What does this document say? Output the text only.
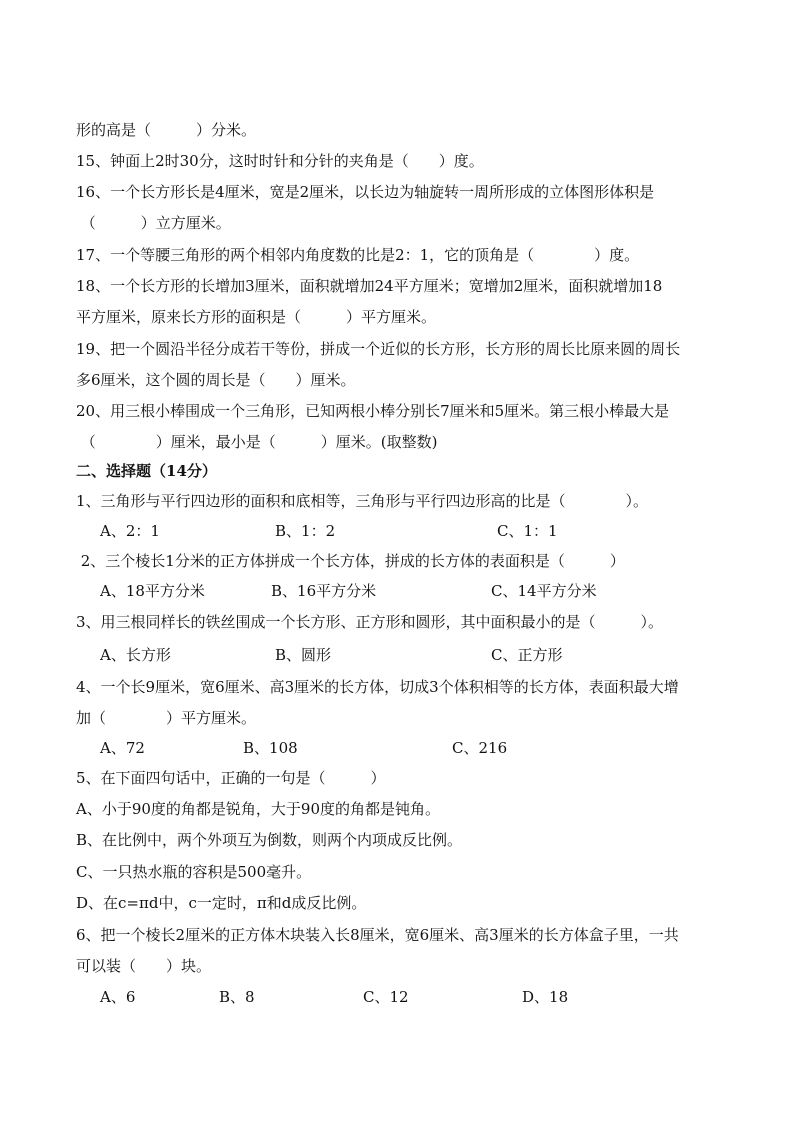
形的高是（　　　）分米。
15、钟面上2时30分，这时时针和分针的夹角是（　　）度。
16、一个长方形长是4厘米，宽是2厘米，以长边为轴旋转一周所形成的立体图形体积是
（　　　）立方厘米。
17、一个等腰三角形的两个相邻内角度数的比是2：1，它的顶角是（　　　　）度。
18、一个长方形的长增加3厘米，面积就增加24平方厘米；宽增加2厘米，面积就增加18
平方厘米，原来长方形的面积是（　　　）平方厘米。
19、把一个圆沿半径分成若干等份，拼成一个近似的长方形，长方形的周长比原来圆的周长
多6厘米，这个圆的周长是（　　）厘米。
20、用三根小棒围成一个三角形，已知两根小棒分别长7厘米和5厘米。第三根小棒最大是
（　　　　）厘米，最小是（　　　）厘米。(取整数)
二、选择题（14分）
1、三角形与平行四边形的面积和底相等，三角形与平行四边形高的比是（　　　　）。
A、2：1	B、1：2	C、1：1
2、三个棱长1分米的正方体拼成一个长方体，拼成的长方体的表面积是（　　　）
A、18平方分米	B、16平方分米	C、14平方分米
3、用三根同样长的铁丝围成一个长方形、正方形和圆形，其中面积最小的是（　　　）。
A、长方形	B、圆形	C、正方形
4、一个长9厘米，宽6厘米、高3厘米的长方体，切成3个体积相等的长方体，表面积最大增
加（　　　　）平方厘米。
A、72	B、108	C、216
5、在下面四句话中，正确的一句是（　　　）
A、小于90度的角都是锐角，大于90度的角都是钝角。
B、在比例中，两个外项互为倒数，则两个内项成反比例。
C、一只热水瓶的容积是500毫升。
D、在c=πd中，c一定时，π和d成反比例。
6、把一个棱长2厘米的正方体木块装入长8厘米，宽6厘米、高3厘米的长方体盒子里，一共
可以装（　　）块。
A、6	B、8	C、12	D、18
